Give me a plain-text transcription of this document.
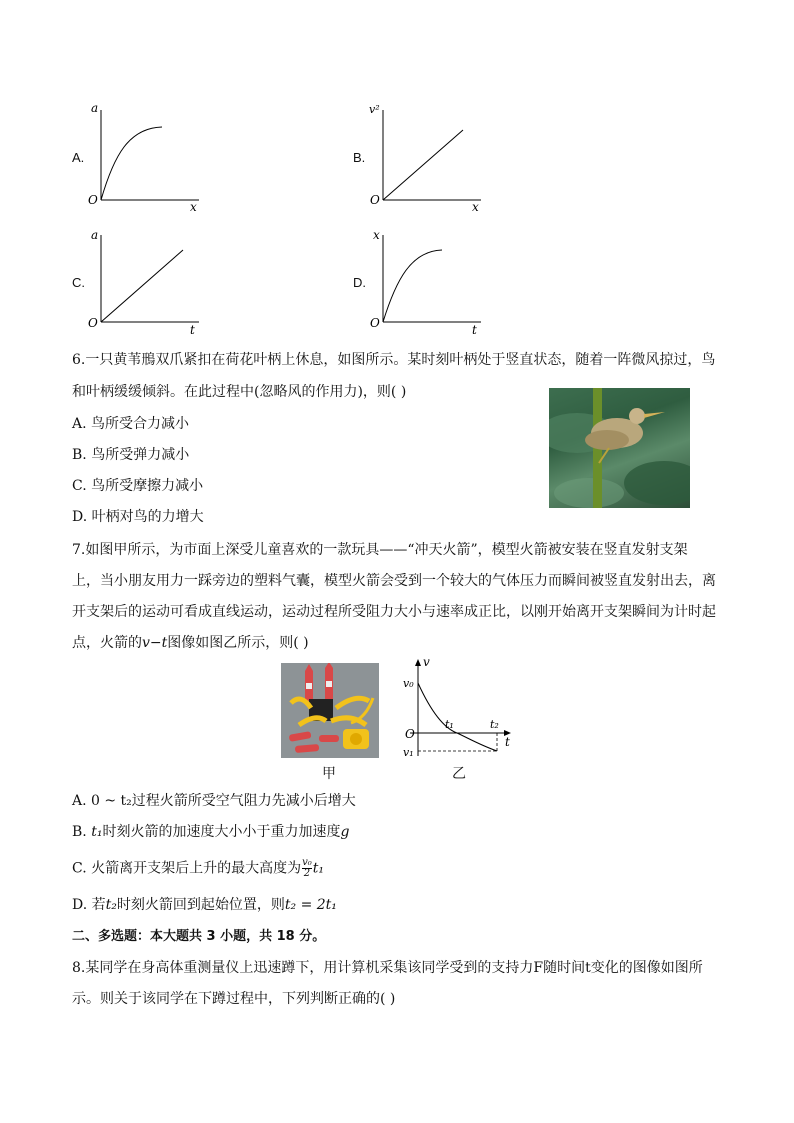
A.
O
a
x
B.
O
v²
x
C.
O
a
t
D.
O
x
t
6.一只黄苇鳽双爪紧扣在荷花叶柄上休息，如图所示。某时刻叶柄处于竖直状态，随着一阵微风掠过，鸟
和叶柄缓缓倾斜。在此过程中(忽略风的作用力)，则( )
A. 鸟所受合力减小
B. 鸟所受弹力减小
C. 鸟所受摩擦力减小
D. 叶柄对鸟的力增大
7.如图甲所示，为市面上深受儿童喜欢的一款玩具——“冲天火箭”，模型火箭被安装在竖直发射支架
上，当小朋友用力一踩旁边的塑料气囊，模型火箭会受到一个较大的气体压力而瞬间被竖直发射出去，离
开支架后的运动可看成直线运动，运动过程所受阻力大小与速率成正比，以刚开始离开支架瞬间为计时起
点，火箭的v−t图像如图乙所示，则( )
甲
v
t
O
v₀
v₁
t₁	t₂
乙
A. 0 ~ t₂过程火箭所受空气阻力先减小后增大
B. t₁时刻火箭的加速度大小小于重力加速度g
C. 火箭离开支架后上升的最大高度为 $\frac{\text{v₀}}{2} t_1$
D. 若t₂时刻火箭回到起始位置，则t₂ = 2t₁
二、多选题：本大题共 3 小题，共 18 分。
8.某同学在身高体重测量仪上迅速蹲下，用计算机采集该同学受到的支持力F随时间t变化的图像如图所
示。则关于该同学在下蹲过程中，下列判断正确的( )
